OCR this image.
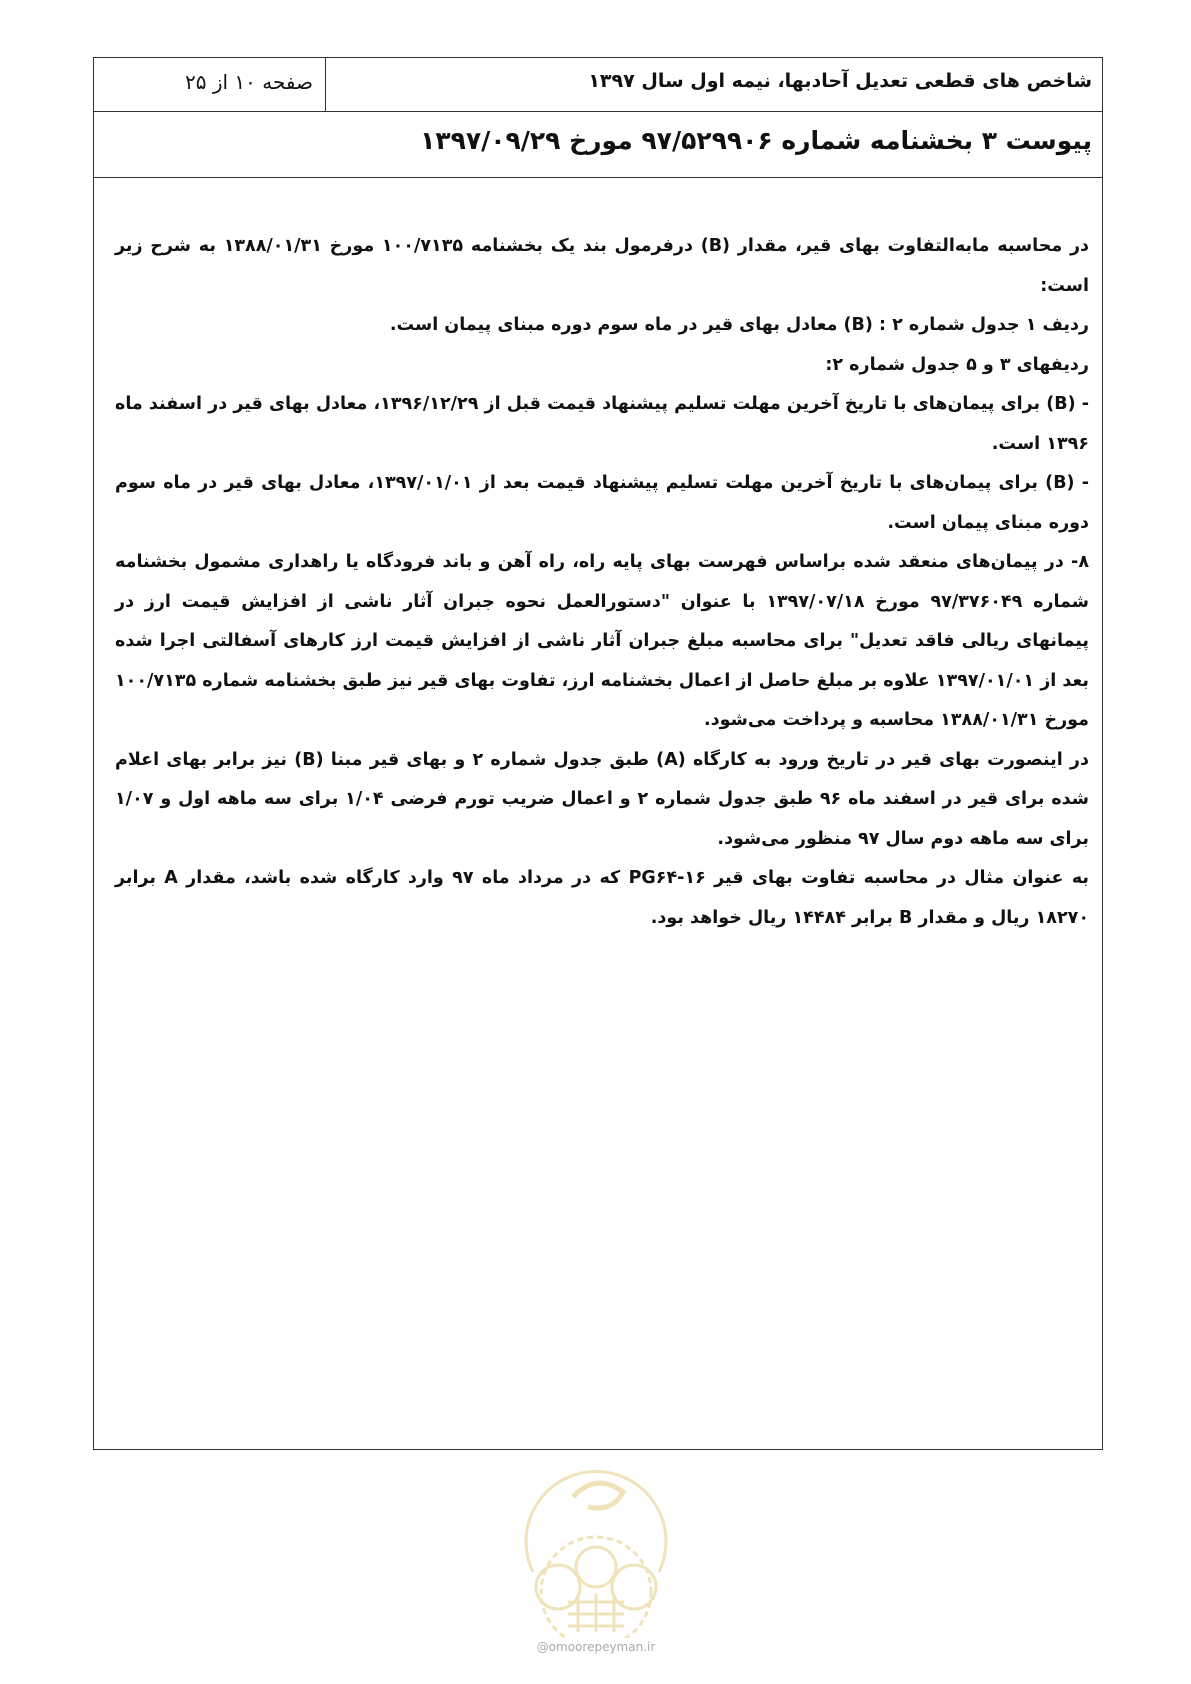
شاخص های قطعی تعدیل آحادبها، نیمه اول سال ۱۳۹۷
صفحه ۱۰ از ۲۵
پیوست ۳ بخشنامه شماره ۹۷/۵۲۹۹۰۶ مورخ ۱۳۹۷/۰۹/۲۹

در محاسبه مابه‌التفاوت بهای قیر، مقدار (B) درفرمول بند یک بخشنامه ۱۰۰/۷۱۳۵ مورخ ۱۳۸۸/۰۱/۳۱ به شرح زیر است:

ردیف ۱ جدول شماره ۲ : (B) معادل بهای قیر در ماه سوم دوره مبنای پیمان است.

ردیفهای ۳ و ۵ جدول شماره ۲:

- (B) برای پیمان‌های با تاریخ آخرین مهلت تسلیم پیشنهاد قیمت قبل از ۱۳۹۶/۱۲/۲۹، معادل بهای قیر در اسفند ماه ۱۳۹۶ است.

- (B) برای پیمان‌های با تاریخ آخرین مهلت تسلیم پیشنهاد قیمت بعد از ۱۳۹۷/۰۱/۰۱، معادل بهای قیر در ماه سوم دوره مبنای پیمان است.

۸- در پیمان‌های منعقد شده براساس فهرست بهای پایه راه، راه آهن و باند فرودگاه یا راهداری مشمول بخشنامه شماره ۹۷/۳۷۶۰۴۹ مورخ ۱۳۹۷/۰۷/۱۸ با عنوان "دستورالعمل نحوه جبران آثار ناشی از افزایش قیمت ارز در پیمانهای ریالی فاقد تعدیل" برای محاسبه مبلغ جبران آثار ناشی از افزایش قیمت ارز کارهای آسفالتی اجرا شده بعد از ۱۳۹۷/۰۱/۰۱ علاوه بر مبلغ حاصل از اعمال بخشنامه ارز، تفاوت بهای قیر نیز طبق بخشنامه شماره ۱۰۰/۷۱۳۵ مورخ ۱۳۸۸/۰۱/۳۱ محاسبه و پرداخت می‌شود.

در اینصورت بهای قیر در تاریخ ورود به کارگاه (A) طبق جدول شماره ۲ و بهای قیر مبنا (B) نیز برابر بهای اعلام شده برای قیر در اسفند ماه ۹۶ طبق جدول شماره ۲ و اعمال ضریب تورم فرضی ۱/۰۴ برای سه ماهه اول و ۱/۰۷ برای سه ماهه دوم سال ۹۷ منظور می‌شود.

به عنوان مثال در محاسبه تفاوت بهای قیر PG۶۴-۱۶ که در مرداد ماه ۹۷ وارد کارگاه شده باشد، مقدار A برابر ۱۸۲۷۰ ریال و مقدار B برابر ۱۴۴۸۴ ریال خواهد بود.

@omoorepeyman.ir
